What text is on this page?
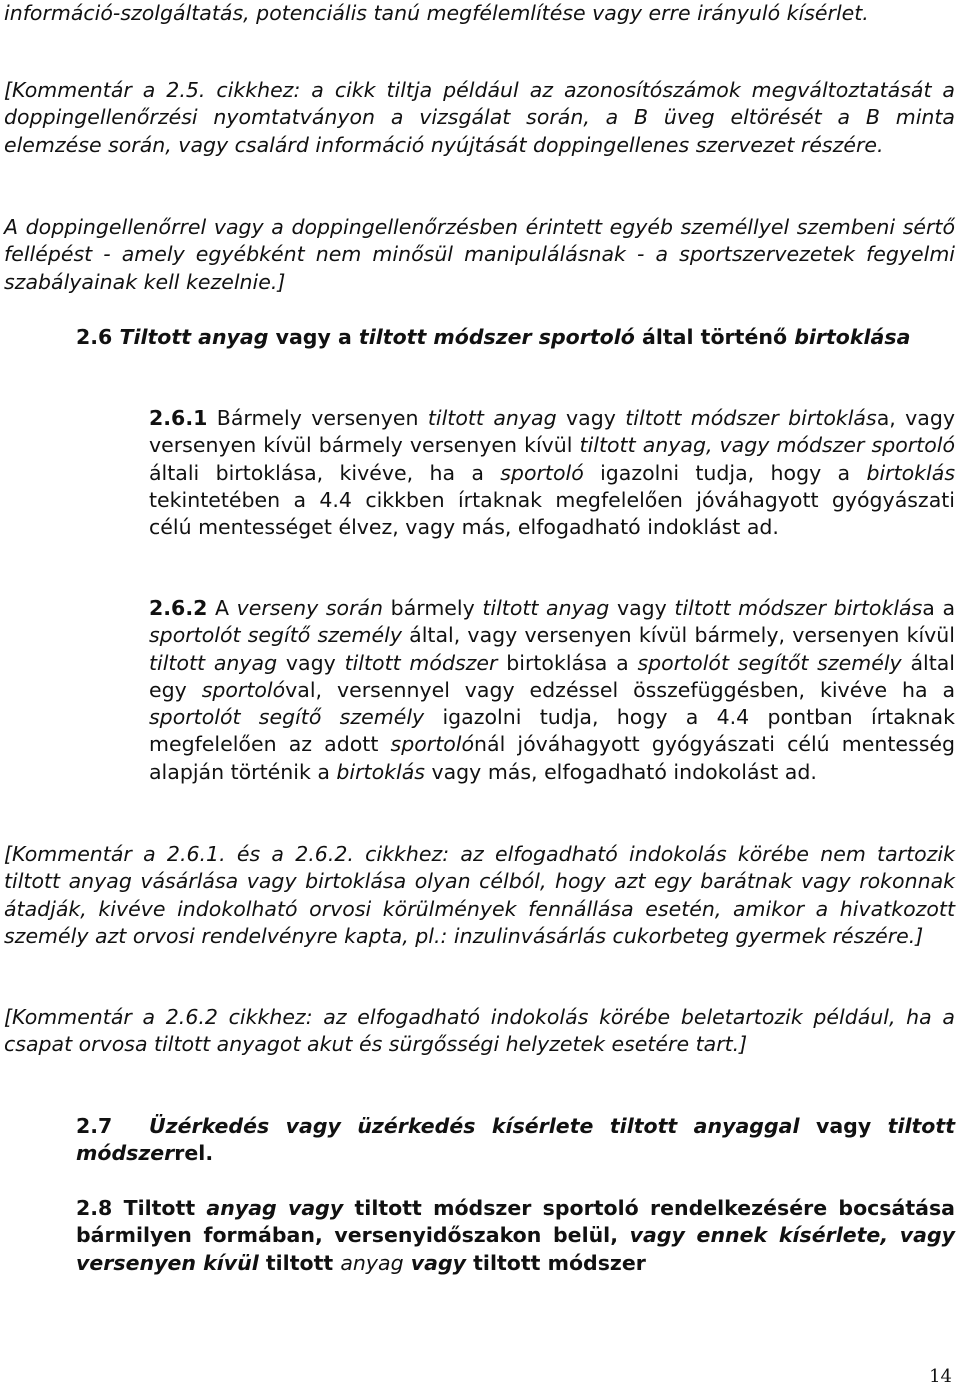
információ-szolgáltatás, potenciális tanú megfélemlítése vagy erre irányuló kísérlet.

[Kommentár a 2.5. cikkhez: a cikk tiltja például az azonosítószámok megváltoztatását a doppingellenőrzési nyomtatványon a vizsgálat során, a B üveg eltörését a B minta elemzése során, vagy csalárd információ nyújtását doppingellenes szervezet részére.

A doppingellenőrrel vagy a doppingellenőrzésben érintett egyéb személlyel szembeni sértő fellépést - amely egyébként nem minősül manipulálásnak - a sportszervezetek fegyelmi szabályainak kell kezelnie.]

2.6 Tiltott anyag vagy a tiltott módszer sportoló által történő birtoklása

2.6.1 Bármely versenyen tiltott anyag vagy tiltott módszer birtoklása, vagy versenyen kívül bármely versenyen kívül tiltott anyag, vagy módszer sportoló általi birtoklása, kivéve, ha a sportoló igazolni tudja, hogy a birtoklás tekintetében a 4.4 cikkben írtaknak megfelelően jóváhagyott gyógyászati célú mentességet élvez, vagy más, elfogadható indoklást ad.

2.6.2 A verseny során bármely tiltott anyag vagy tiltott módszer birtoklása a sportolót segítő személy által, vagy versenyen kívül bármely, versenyen kívül tiltott anyag vagy tiltott módszer birtoklása a sportolót segítőt személy által egy sportolóval, versennyel vagy edzéssel összefüggésben, kivéve ha a sportolót segítő személy igazolni tudja, hogy a 4.4 pontban írtaknak megfelelően az adott sportolónál jóváhagyott gyógyászati célú mentesség alapján történik a birtoklás vagy más, elfogadható indokolást ad.

[Kommentár a 2.6.1. és a 2.6.2. cikkhez: az elfogadható indokolás körébe nem tartozik tiltott anyag vásárlása vagy birtoklása olyan célból, hogy azt egy barátnak vagy rokonnak átadják, kivéve indokolható orvosi körülmények fennállása esetén, amikor a hivatkozott személy azt orvosi rendelvényre kapta, pl.: inzulinvásárlás cukorbeteg gyermek részére.]

[Kommentár a 2.6.2 cikkhez: az elfogadható indokolás körébe beletartozik például, ha a csapat orvosa tiltott anyagot akut és sürgősségi helyzetek esetére tart.]

2.7 Üzérkedés vagy üzérkedés kísérlete tiltott anyaggal vagy tiltott módszerrel.

2.8 Tiltott anyag vagy tiltott módszer sportoló rendelkezésére bocsátása bármilyen formában, versenyidőszakon belül, vagy ennek kísérlete, vagy versenyen kívül tiltott anyag vagy tiltott módszer

14
